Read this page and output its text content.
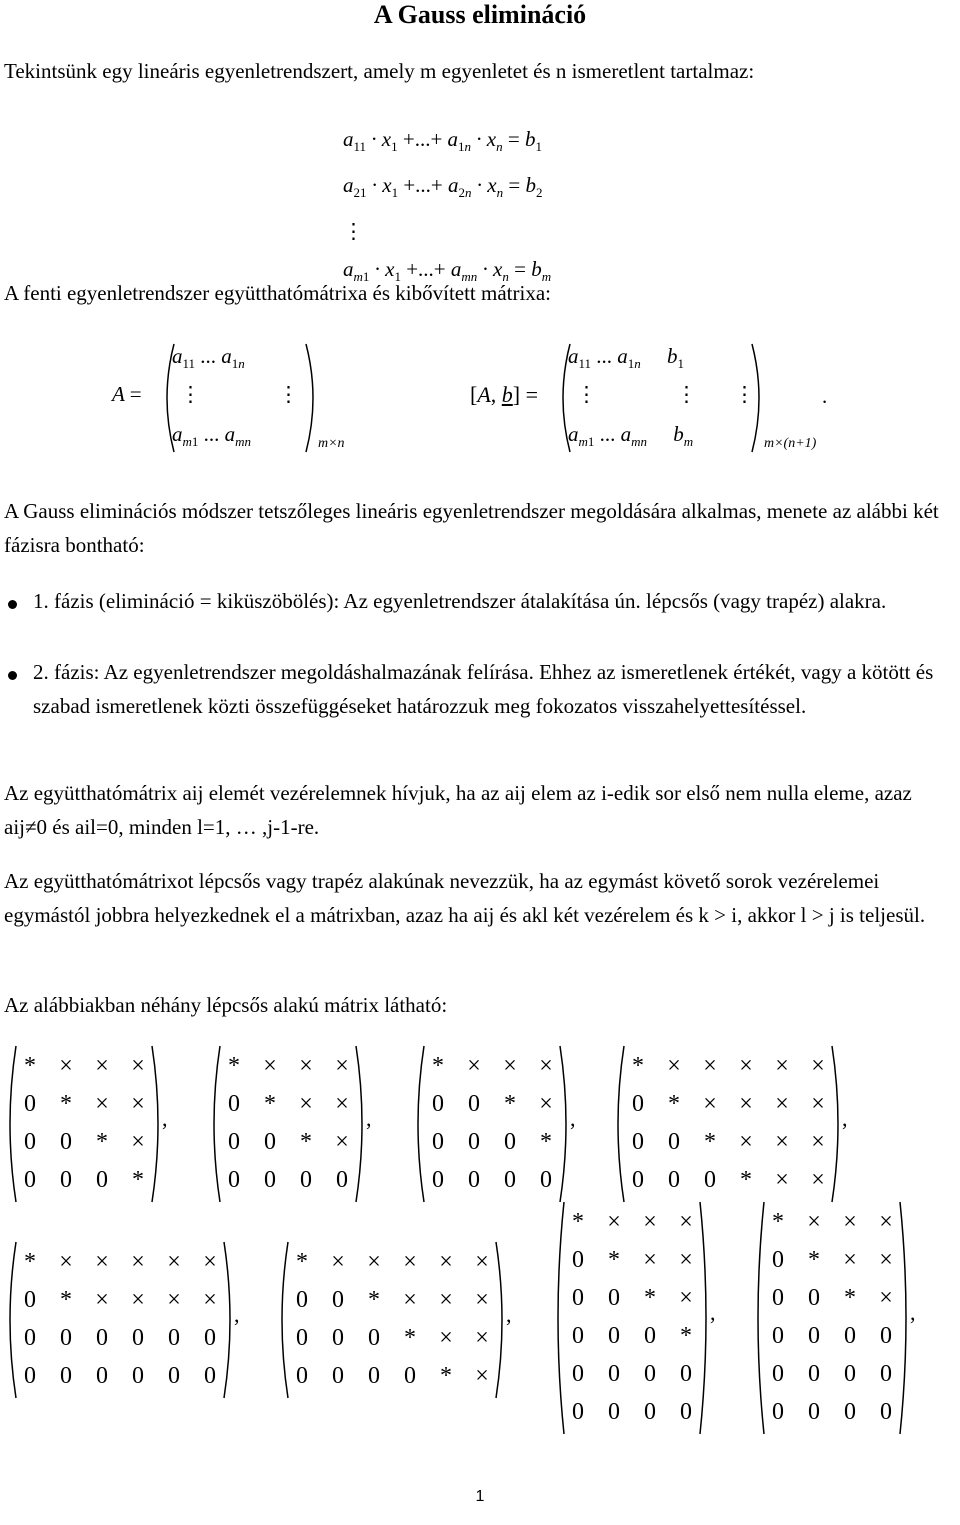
A Gauss elimináció
Tekintsünk egy lineáris egyenletrendszert, amely m egyenletet és n ismeretlent tartalmaz:
$a_{11} \cdot x_1$ +...+ $a_{1n} \cdot x_n = b_1$
$a_{21} \cdot x_1$ +...+ $a_{2n} \cdot x_n = b_2$
⋮
$a_{m1} \cdot x_1$ +...+ $a_{mn} \cdot x_n = b_m$
A fenti egyenletrendszer együtthatómátrixa és kibővített mátrixa:
A =
$a_{11}$ ... $a_{1n}$
⋮	⋮
$a_{m1}$ ... $a_{mn}$	m×n
[A, b] =
$a_{11}$ ... $a_{1n}$     $b_1$
⋮	⋮ ⋮
$a_{m1}$ ... $a_{mn}$     $b_m$	m×(n+1)
.
A Gauss eliminációs módszer tetszőleges lineáris egyenletrendszer megoldására alkalmas, menete az alábbi két fázisra bontható:
1. fázis (elimináció = kiküszöbölés): Az egyenletrendszer átalakítása ún. lépcsős (vagy trapéz) alakra.
2. fázis: Az egyenletrendszer megoldáshalmazának felírása. Ehhez az ismeretlenek értékét, vagy a kötött és szabad ismeretlenek közti összefüggéseket határozzuk meg fokozatos visszahelyettesítéssel.
Az együtthatómátrix aij elemét vezérelemnek hívjuk, ha az aij elem az i-edik sor első nem nulla eleme, azaz aij≠0 és ail=0, minden l=1, … ,j-1-re.
Az együtthatómátrixot lépcsős vagy trapéz alakúnak nevezzük, ha az egymást követő sorok vezérelemei egymástól jobbra helyezkednek el a mátrixban, azaz ha aij és akl két vezérelem és k > i, akkor l > j is teljesül.
Az alábbiakban néhány lépcsős alakú mátrix látható:
* × × ×
0	* × ×
0	0	* ×
0	0	0	*
,
* × × ×
0	* × ×
0	0	* ×
0	0	0	0
,
* × × ×
0	0	* ×
0	0	0	*
0	0	0	0
,
* × × × × ×
0	* × × × ×
0	0	* × × ×
0	0	0	* × ×
,
* × × × × ×
0	* × × × ×
0	0	0	0	0	0
0	0	0	0	0	0
,
* × × × × ×
0	0	* × × ×
0	0	0	* × ×
0	0	0	0	* ×
,
* × × ×
0	* × ×
0	0	* ×
0	0	0	*
0	0	0	0
0	0	0	0
,
* × × ×
0	* × ×
0	0	* ×
0	0	0	0
0	0	0	0
0	0	0	0
,
1
